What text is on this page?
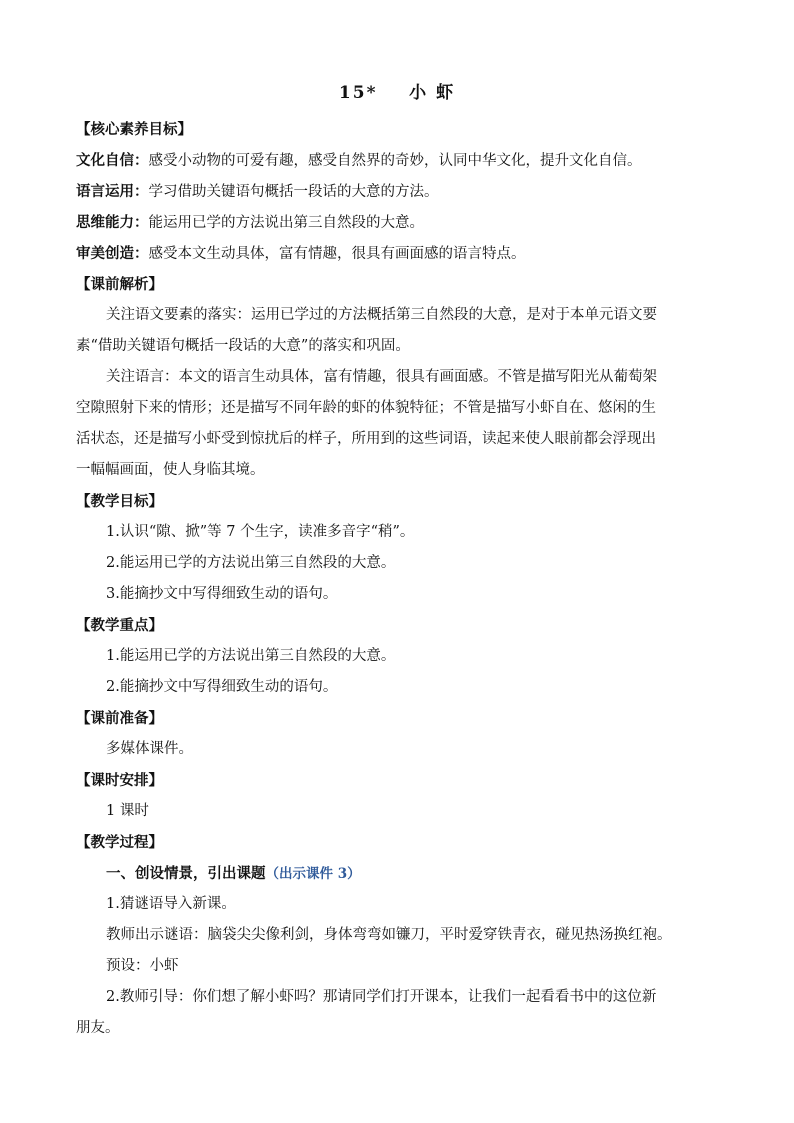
15* 小 虾
【核心素养目标】
文化自信：感受小动物的可爱有趣，感受自然界的奇妙，认同中华文化，提升文化自信。
语言运用：学习借助关键语句概括一段话的大意的方法。
思维能力：能运用已学的方法说出第三自然段的大意。
审美创造：感受本文生动具体，富有情趣，很具有画面感的语言特点。
【课前解析】
关注语文要素的落实：运用已学过的方法概括第三自然段的大意，是对于本单元语文要
素“借助关键语句概括一段话的大意”的落实和巩固。
关注语言：本文的语言生动具体，富有情趣，很具有画面感。不管是描写阳光从葡萄架
空隙照射下来的情形；还是描写不同年龄的虾的体貌特征；不管是描写小虾自在、悠闲的生
活状态，还是描写小虾受到惊扰后的样子，所用到的这些词语，读起来使人眼前都会浮现出
一幅幅画面，使人身临其境。
【教学目标】
1.认识“隙、掀”等 7 个生字，读准多音字“稍”。
2.能运用已学的方法说出第三自然段的大意。
3.能摘抄文中写得细致生动的语句。
【教学重点】
1.能运用已学的方法说出第三自然段的大意。
2.能摘抄文中写得细致生动的语句。
【课前准备】
多媒体课件。
【课时安排】
1 课时
【教学过程】
一、创设情景，引出课题（出示课件 3）
1.猜谜语导入新课。
教师出示谜语：脑袋尖尖像利剑，身体弯弯如镰刀，平时爱穿铁青衣，碰见热汤换红袍。
预设：小虾
2.教师引导：你们想了解小虾吗？那请同学们打开课本，让我们一起看看书中的这位新
朋友。
